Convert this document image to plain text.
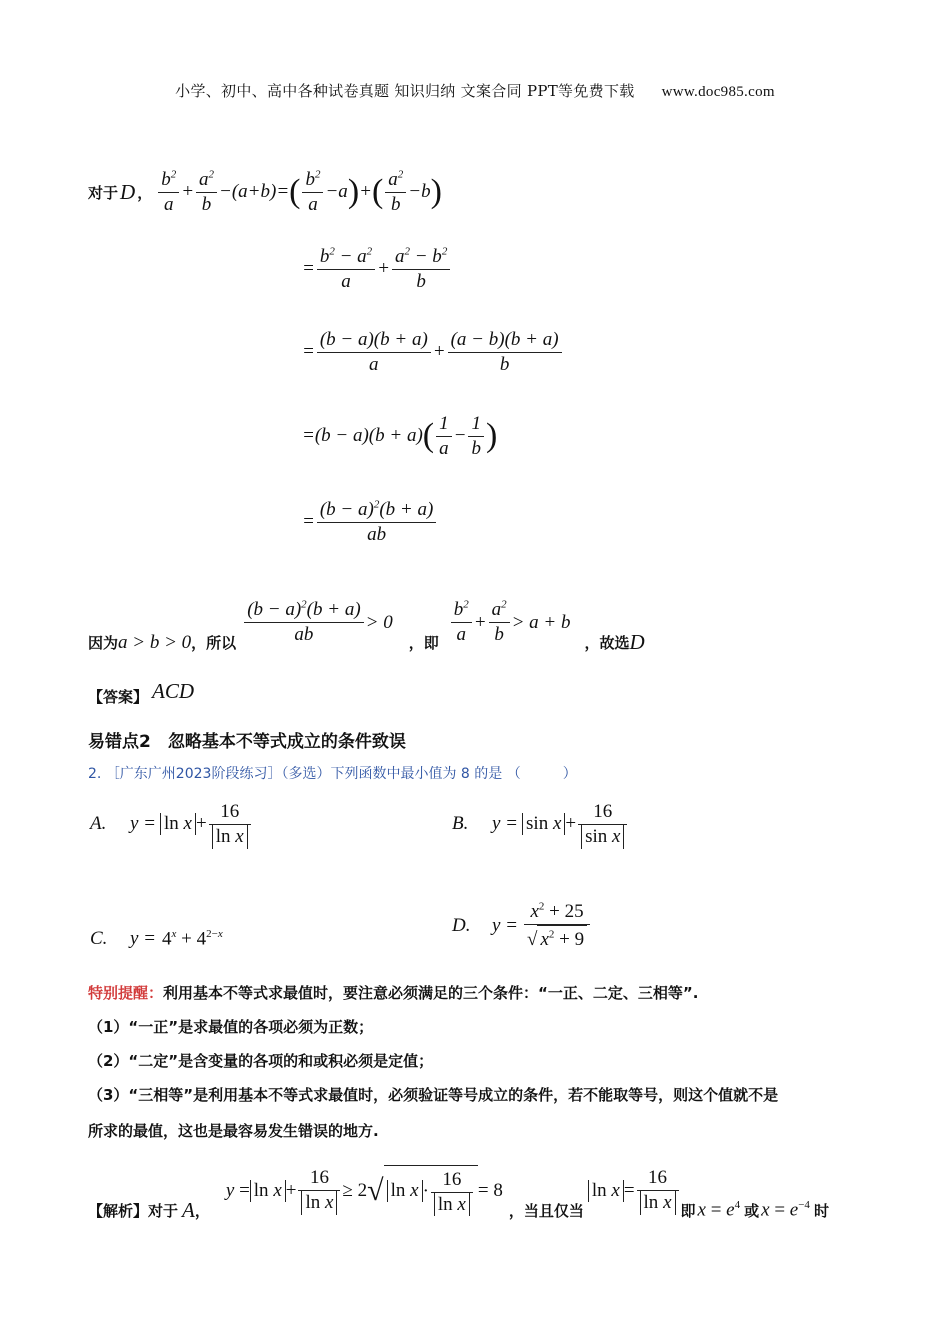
小学、初中、高中各种试卷真题 知识归纳 文案合同 PPT等免费下载 www.doc985.com
对于 D ， $\frac{b^2}{a} + \frac{a^2}{b} -(a+b)=$ ( $\frac{b^2}{a} -a$ ) + ( $\frac{a^2}{b} -b$ )
= $\frac{b^2 - a^2}{a} + \frac{a^2 - b^2}{b}$
= $\frac{(b - a)(b + a)}{a} + \frac{(a - b)(b + a)}{b}$
=(b − a)(b + a) ( $\frac{1}{a} - \frac{1}{b}$ )
= $\frac{(b - a)^2(b + a)}{ab}$
因为 a > b > 0 ，所以 $\frac{(b - a)^2(b + a)}{ab} > 0$
，即 $\frac{b^2}{a} + \frac{a^2}{b} > a + b$
，故选 D
【答案】 ACD
易错点2　忽略基本不等式成立的条件致误
2. ［广东广州2023阶段练习］（多选）下列函数中最小值为 8 的是 （　　　）
A.	$y = \ln x + \frac{16}{\text{ln x}}$	B.	$y = \sin x + \frac{16}{\text{sin x}}$
C.	$y = 4^x + 4^{2-x}$	D.	$y = \frac{x^2 + 25}{√ x^2 + 9}$
特别提醒：利用基本不等式求最值时，要注意必须满足的三个条件：“一正、二定、三相等”.
（1）“一正”是求最值的各项必须为正数；
（2）“二定”是含变量的各项的和或积必须是定值；
（3）“三相等”是利用基本不等式求最值时，必须验证等号成立的条件，若不能取等号，则这个值就不是
所求的最值，这也是最容易发生错误的地方.
【解析】 对于 A ，
$y = \ln x + \frac{16}{\text{ln x}} \ge 2$ √ $\ln x \cdot \frac{16}{\text{ln x}} = 8$
，当且仅当
$\ln x = \frac{16}{\text{ln x}}$ 即 $x = e^4$ 或 $x = e^{-4}$ 时
